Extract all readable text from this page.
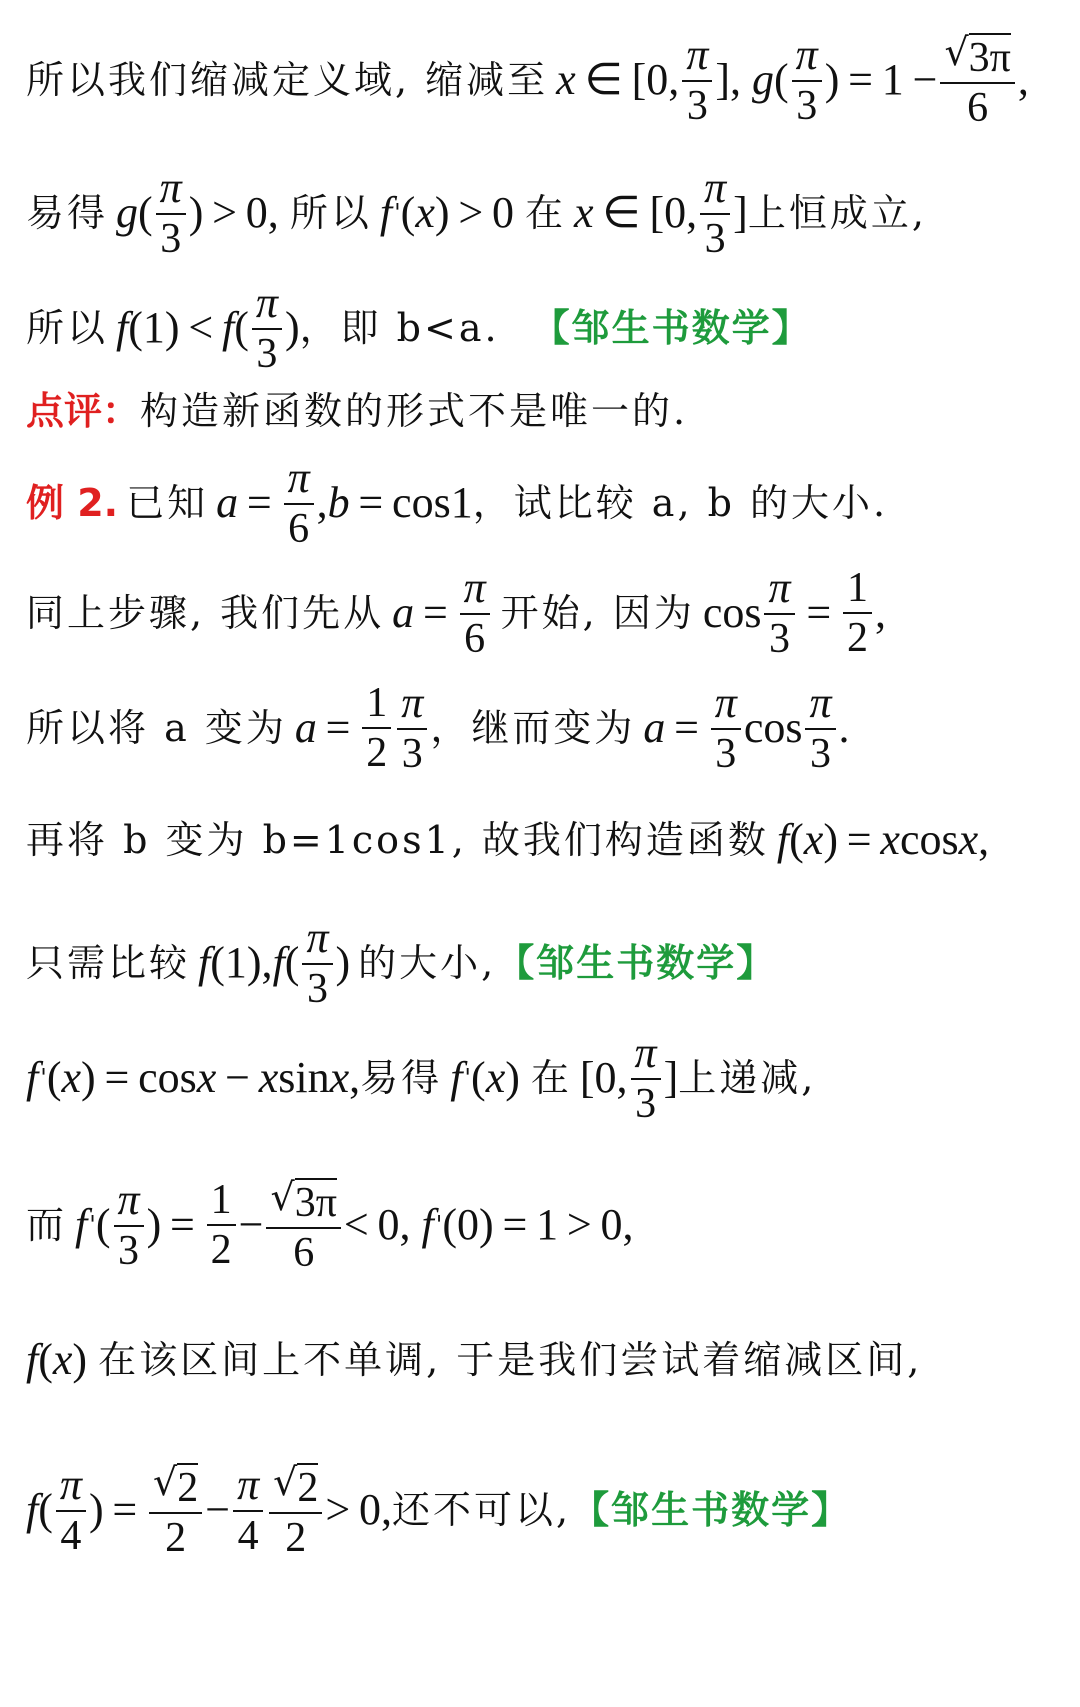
所以我们缩减定义域, 缩减至 x  ∈ [0, $\frac{\pi}{3}$ ], g ( $\frac{\pi}{3}$ ) = $1 - \frac{√ 3\pi}{6}$ ,
易得 g ( $\frac{\pi}{3}$ ) > 0, 所以 f ' ( x ) > 0 在 x  ∈ [0, $\frac{\pi}{3}$ ] 上恒成立,
所以 f (1) <  f ( $\frac{\pi}{3}$ ) ，即 b<a. 【邹生书数学】
点评： 构造新函数的形式不是唯一的.
例 2. 已知 $a = \frac{\pi}{6}$ , b  = cos1 ，试比较 a, b 的大小.
同上步骤, 我们先从 $a = \frac{\pi}{6}$ 开始, 因为 $\cos \frac{\pi}{3} = \frac{1}{2}$ ,
所以将 a 变为 $a = \frac{1}{2} \frac{\pi}{3}$ ，继而变为 $a = \frac{\pi}{3}$ $\cos \frac{\pi}{3}$ .
再将 b 变为 b=1cos1, 故我们构造函数 f ( x ) =  x cos x ,
只需比较 f (1), f ( $\frac{\pi}{3}$ ) 的大小, 【邹生书数学】
f ' ( x ) = cos x  −  x sin x , 易得 f ' ( x ) 在 [0, $\frac{\pi}{3}$ ] 上递减,
而 f ' ( $\frac{\pi}{3}$ ) =  $\frac{1}{2} - \frac{√ 3\pi}{6} < 0$, f ' (0) = 1 > 0,
f ( x ) 在该区间上不单调, 于是我们尝试着缩减区间,
f ( $\frac{\pi}{4}$ ) =  $\frac{√ 2}{2} - \frac{\pi}{4} \frac{√ 2}{2} > 0$, 还不可以, 【邹生书数学】
